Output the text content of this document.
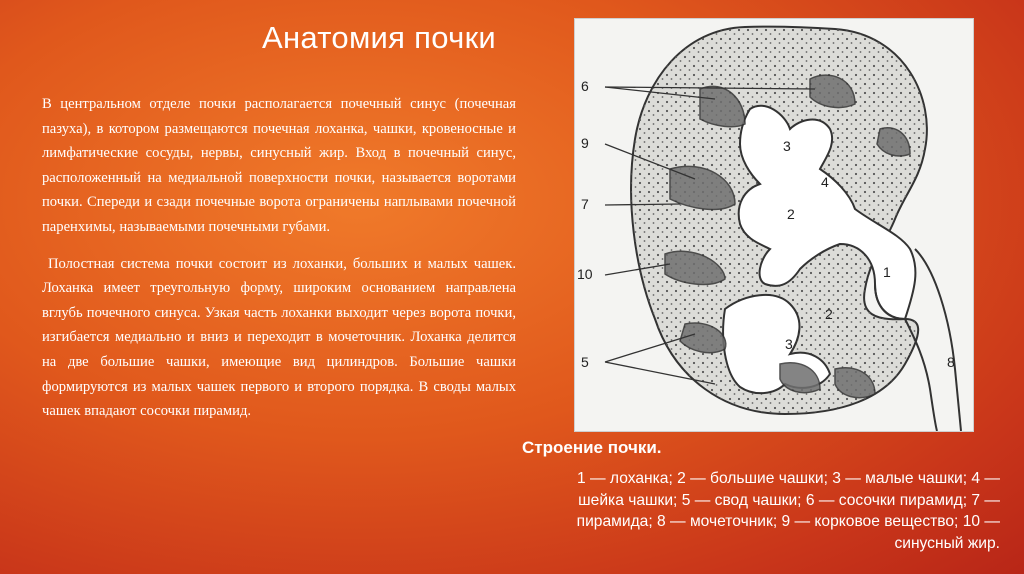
Анатомия почки

В центральном отделе почки располагается почечный синус (почечная пазуха), в котором размещаются почечная лоханка, чашки, кровеносные и лимфатические сосуды, нервы, синусный жир. Вход в почечный синус, расположенный на медиальной поверхности почки, называется воротами почки. Спереди и сзади почечные ворота ограничены наплывами почечной паренхимы, называемыми почечными губами.

Полостная система почки состоит из лоханки, больших и малых чашек. Лоханка имеет треугольную форму, широким основанием направлена вглубь почечного синуса. Узкая часть лоханки выходит через ворота почки, изгибается медиально и вниз и переходит в мочеточник. Лоханка делится на две большие чашки, имеющие вид цилиндров. Большие чашки формируются из малых чашек первого и второго порядка. В своды малых чашек впадают сосочки пирамид.

6
9
7
10
5
3
4
2
1
2
3
8
Строение почки.
1 — лоханка; 2 — большие чашки; 3 — малые чашки; 4 — шейка чашки; 5 — свод чашки; 6 — сосочки пирамид; 7 — пирамида; 8 — мочеточник; 9 — корковое вещество; 10 — синусный жир.
